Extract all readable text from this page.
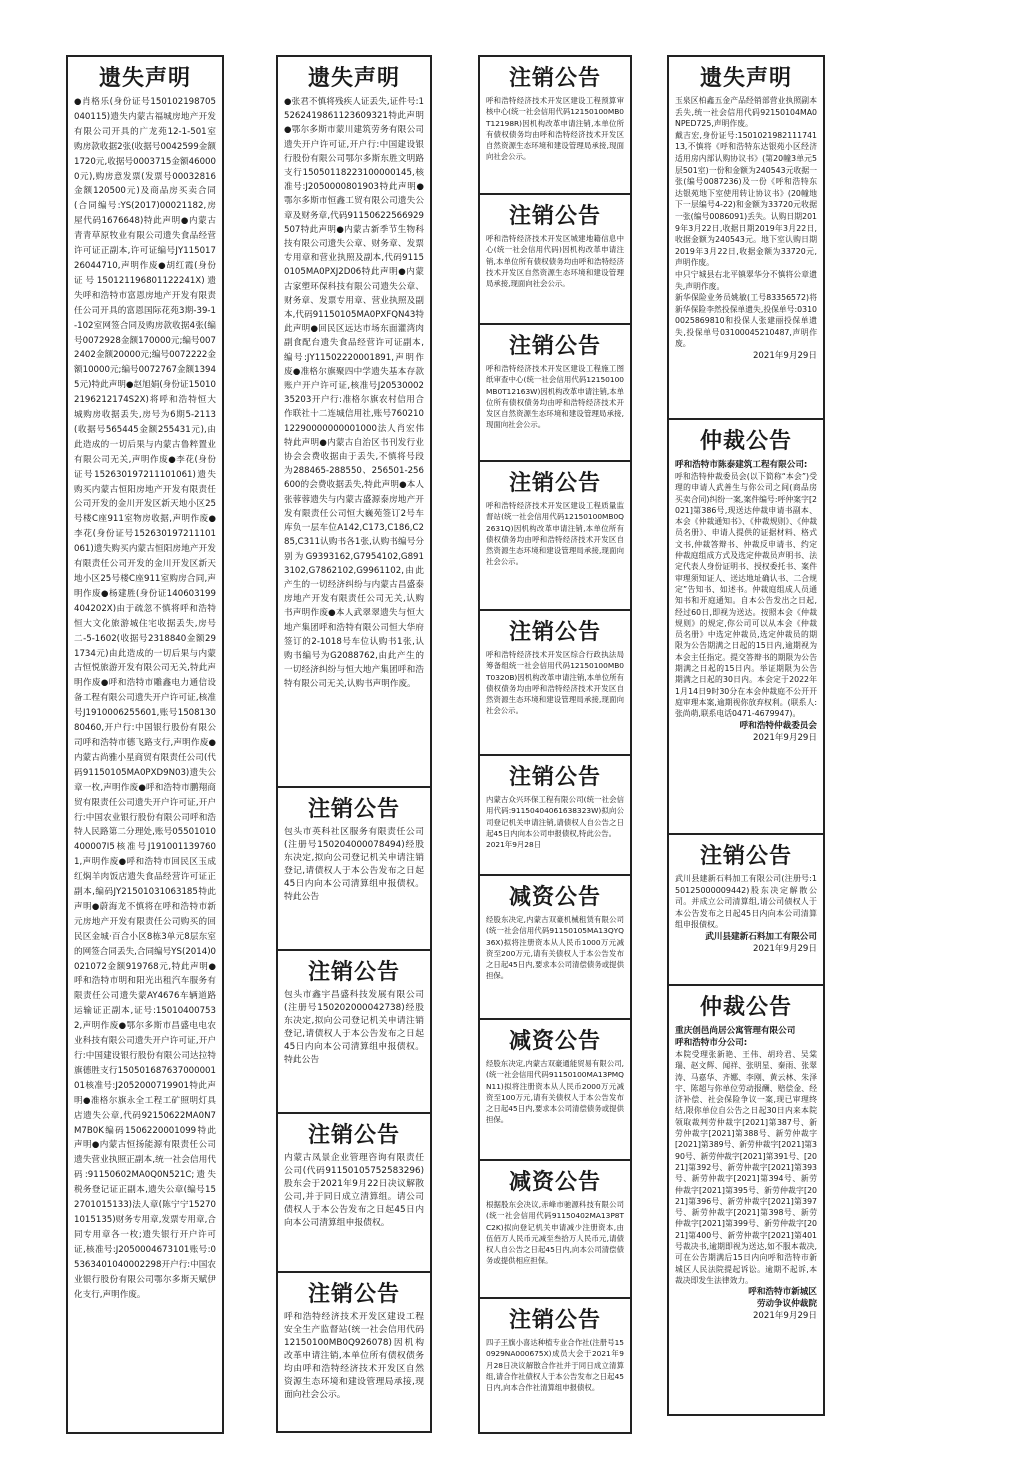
遗失声明
●肖格乐(身份证号150102198705040115)遗失内蒙古福城房地产开发有限公司开具的广龙苑12-1-501室购房款收据2张(收据号0042599金额1720元,收据号0003715金额460000元),购房意发票(发票号00032816金额120500元)及商品房买卖合同(合同编号:YS(2017)00021182,房屋代码1676648)特此声明●内蒙古青青草原牧业有限公司遗失食品经营许可证正副本,许可证编号JY11501726044710,声明作废●胡红霞(身份证号150121196801122241X)遗失呼和浩特市富恩房地产开发有限责任公司开具的富恩国际花苑3期-39-1-102室网签合同及购房款收据4张(编号0072928金额170000元;编号0072402金额20000元;编号0072222金额10000元;编号0072767金额13945元)特此声明●赵旭娟(身份证150102196212174S2X)将呼和浩特恒大城购房收据丢失,房号为6期5-2113(收据号565445金额255431元),由此造成的一切后果与内蒙古鲁粹置业有限公司无关,声明作废●李花(身份证号152630197211101061)遗失购买内蒙古恒阳房地产开发有限责任公司开发的金川开发区新天地小区25号楼C座911室物房收据,声明作废●李花(身份证号152630197211101061)遗失购买内蒙古恒阳房地产开发有限责任公司开发的金川开发区新天地小区25号楼C座911室购房合同,声明作废●杨建胜(身份证140603199404202X)由于疏忽不慎将呼和浩特恒大文化旅游城住宅收据丢失,房号二-5-1602(收据号2318840金额291734元)由此造成的一切后果与内蒙古恒悦旅游开发有限公司无关,特此声明作废●呼和浩特市雕鑫电力通信设备工程有限公司遗失开户许可证,核准号J1910006255601,账号150813080460,开户行:中国银行股份有限公司呼和浩特市德飞路支行,声明作废●内蒙古尚雅小星商贸有限责任公司(代码91150105MA0PXD9N03)遗失公章一枚,声明作废●呼和浩特市鹏翔商贸有限责任公司遗失开户许可证,开户行:中国农业银行股份有限公司呼和浩特人民路第二分理处,账号05501010400007I5核准号J1910011397601,声明作废●呼和浩特市回民区玉成红焖羊肉饭店遗失食品经营许可证正副本,编码JY21501031063185特此声明●蔚海龙不慎将在呼和浩特市新元房地产开发有限责任公司购买的回民区金城·百合小区8栋3单元8层东室的网签合同丢失,合同编号YS(2014)0021072金额919768元,特此声明●呼和浩特市明和阳光出租汽车服务有限责任公司遗失蒙AY4676车辆道路运输证正副本,证号:150104007532,声明作废●鄂尔多斯市昌盛电电农业科技有限公司遗失开户许可证,开户行:中国建设银行股份有限公司达拉特旗德胜支行15050168763700000101核准号:J2052000719901特此声明●准格尔旗永全工程工矿照明灯具店遗失公章,代码92150622MA0N7M7B0K编码1506220001099特此声明●内蒙古恒扬能源有限责任公司遗失营业执照正副本,统一社会信用代码:91150602MA0Q0N521C;遗失税务登记证正副本,遗失公章(编号152701015133)法人章(陈宁宁152701015135)财务专用章,发票专用章,合同专用章各一枚;遗失银行开户许可证,核准号:J2050004673101账号:05363401040002298开户行:中国农业银行股份有限公司鄂尔多斯天赋伊化支行,声明作废。
遗失声明
●张君不慎将残疾人证丢失,证件号:15262419861123609321特此声明●鄂尔多斯市蒙川建筑劳务有限公司遗失开户许可证,开户行:中国建设银行股份有限公司鄂尔多斯东胜文明路支行15050118223100000145,核准号:J2050000801903特此声明●鄂尔多斯市恒鑫工贸有限公司遗失公章及财务章,代码91150622566929507特此声明●内蒙古新季节生物科技有限公司遗失公章、财务章、发票专用章和营业执照及副本,代码91150105MA0PXJ2D06特此声明●内蒙古家塑环保科技有限公司遗失公章、财务章、发票专用章、营业执照及副本,代码91150105MA0PXFQN43特此声明●回民区远达市场东面灌湾肉副食配台遗失食品经营许可证副本,编号:JY11502220001891,声明作废●准格尔旗聚四中学遗失基本存款账户开户许可证,核准号J2053000235203开户行:准格尔旗农村信用合作联社十二连城信用社,账号76021012290000000001000法人肖宏伟特此声明●内蒙古自治区书刊发行业协会会费收据由于丢失,不慎将号段为288465-288550、256501-256600的会费收据丢失,特此声明●本人张蓉蓉遗失与内蒙古盛源泰房地产开发有限责任公司恒大巍苑签订2号车库负一层车位A142,C173,C186,C285,C311认购书各1张,认购书编号分别为G9393162,G7954102,G8913102,G7862102,G9961102,由此产生的一切经济纠纷与内蒙古昌盛泰房地产开发有限责任公司无关,认购书声明作废●本人武翠翠遗失与恒大地产集团呼和浩特有限公司恒大华府签订的2-1018号车位认购书1张,认购书编号为G2088762,由此产生的一切经济纠纷与恒大地产集团呼和浩特有限公司无关,认购书声明作废。
注销公告
包头市英科社区服务有限责任公司(注册号150204000078494)经股东决定,拟向公司登记机关申请注销登记,请债权人于本公告发布之日起45日内向本公司清算组申报债权。特此公告
注销公告
包头市鑫宇昌盛科技发展有限公司(注册号150202000042738)经股东决定,拟向公司登记机关申请注销登记,请债权人于本公告发布之日起45日内向本公司清算组申报债权。特此公告
注销公告
内蒙古凤景企业管理咨询有限责任公司(代码91150105752583296)股东会于2021年9月22日决议解散公司,并于同日成立清算组。请公司债权人于本公告发布之日起45日内向本公司清算组申报债权。
注销公告
呼和浩特经济技术开发区建设工程安全生产监督站(统一社会信用代码12150100MB0Q926078)因机构改革申请注销,本单位所有债权债务均由呼和浩特经济技术开发区自然资源生态环境和建设管理局承接,现面向社会公示。
注销公告
呼和浩特经济技术开发区建设工程预算审核中心(统一社会信用代码12150100MB0T12198R)因机构改革申请注销,本单位所有债权债务均由呼和浩特经济技术开发区自然资源生态环境和建设管理局承接,现面向社会公示。
注销公告
呼和浩特经济技术开发区城建地籍信息中心(统一社会信用代码)因机构改革申请注销,本单位所有债权债务均由呼和浩特经济技术开发区自然资源生态环境和建设管理局承接,现面向社会公示。
注销公告
呼和浩特经济技术开发区建设工程施工图纸审查中心(统一社会信用代码12150100MB0T12163W)因机构改革申请注销,本单位所有债权债务均由呼和浩特经济技术开发区自然资源生态环境和建设管理局承接,现面向社会公示。
注销公告
呼和浩特经济技术开发区建设工程质量监督站(统一社会信用代码12150100MB0Q2631Q)因机构改革申请注销,本单位所有债权债务均由呼和浩特经济技术开发区自然资源生态环境和建设管理局承接,现面向社会公示。
注销公告
呼和浩特经济技术开发区综合行政执法局筹备组统一社会信用代码12150100MB0T0320B)因机构改革申请注销,本单位所有债权债务均由呼和浩特经济技术开发区自然资源生态环境和建设管理局承接,现面向社会公示。
注销公告
内蒙古众兴环保工程有限公司(统一社会信用代码:91150404061638323W)拟向公司登记机关申请注销,请债权人自公告之日起45日内向本公司申报债权,特此公告。
2021年9月28日
减资公告
经股东决定,内蒙古双豪机械租赁有限公司(统一社会信用代码91150105MA13QYQ36X)拟将注册资本从人民币1000万元减资至200万元,请有关债权人于本公告发布之日起45日内,要求本公司清偿债务或提供担保。
减资公告
经股东决定,内蒙古双豪通能贸易有限公司,(统一社会信用代码91150100MA13PMQN11)拟将注册资本从人民币2000万元减资至100万元,请有关债权人于本公告发布之日起45日内,要求本公司清偿债务或提供担保。
减资公告
根据股东会决议,赤峰市驰源科技有限公司(统一社会信用代码91150402MA13P8TC2K)拟向登记机关申请减少注册资本,由伍佰万人民币元减至叁拾万人民币元,请债权人自公告之日起45日内,向本公司清偿债务或提供相应担保。
注销公告
四子王旗小喜达种植专业合作社(注册号150929NA000675X)成员大会于2021年9月28日决议解散合作社并于同日成立清算组,请合作社债权人于本公告发布之日起45日内,向本合作社清算组申报债权。
遗失声明
玉泉区柏鑫五金产品经销部营业执照副本丢失,统一社会信用代码92150104MA0NPED725,声明作废。
戴吉宏,身份证号:150102198211174113,不慎将《呼和浩特东达银苑小区经济适用房内部认购协议书》(第20幢3单元5层501室)一份和金额为240543元收据一张(编号0087236)及一份《呼和浩特东达银苑地下室使用转让协议书》(20幢地下一层编号4-22)和金额为33720元收据一张(编号0086091)丢失。认购日期2019年3月22日,收据日期2019年3月22日,收据金额为240543元。地下室认购日期2019年3月22日,收据金额为33720元,声明作废。
中只宁城县右北平镇翠华分不慎将公章遗失,声明作废。
新华保险业务员姚敏(工号83356572)将新华保险李然投保单遗失,投保单号:03100025869810和投保人张建丽投保单遗失,投保单号03100045210487,声明作废。
2021年9月29日
仲裁公告
呼和浩特市陈泰建筑工程有限公司:
呼和浩特仲裁委员会(以下简称“本会”)受理的申请人武善生与你公司之间(商品房买卖合同)纠纷一案,案件编号:呼仲案字[2021]第386号,现送达仲裁申请书副本、本会《仲裁通知书》、《仲裁规则》、《仲裁员名册》、申请人提供的证据材料、格式文书,仲裁答辩书、仲裁反申请书、约定仲裁庭组成方式及选定仲裁员声明书、法定代表人身份证明书、授权委托书、案件审理须知证人、送达地址确认书、二合规定”告知书、如述书。仲裁庭组成人员通知书和开庭通知。自本公告发出之日起,经过60日,即视为送达。按照本会《仲裁规则》的规定,你公司可以从本会《仲裁员名册》中选定仲裁员,选定仲裁员的期限为公告期满之日起的15日内,逾期视为本会主任指定。提交答辩书的期限为公告期满之日起的15日内。举证期限为公告期满之日起的30日内。本会定于2022年1月14日9时30分在本会仲裁庭不公开开庭审理本案,逾期视你放弃权利。(联系人:张尚萌,联系电话0471-4679947)。
呼和浩特仲裁委员会
2021年9月29日
注销公告
武川县建新石料加工有限公司(注册号:150125000009442)股东决定解散公司。并成立公司清算组,请公司债权人于本公告发布之日起45日内向本公司清算组申报债权。
武川县建新石料加工有限公司
2021年9月29日
仲裁公告
重庆创邑尚居公寓管理有限公司
呼和浩特市分公司:
本院受理张新艳、王伟、胡玲君、吴棠瑞、赵文辉、闻祥、张明星、秦雨、张翠涛、马嘉华、齐娜、李刚、黄云林、朱泽宇、陈超与你单位劳动报酬、赔偿金、经济补偿、社会保险争议一案,现已审理终结,限你单位自公告之日起30日内来本院领取裁判劳仲裁字[2021]第387号、新劳仲裁字[2021]第388号、新劳仲裁字[2021]第389号、新劳仲裁字[2021]第390号、新劳仲裁字[2021]第391号、[2021]第392号、新劳仲裁字[2021]第393号、新劳仲裁字[2021]第394号、新劳仲裁字[2021]第395号、新劳仲裁字[2021]第396号、新劳仲裁字[2021]第397号、新劳仲裁字[2021]第398号、新劳仲裁字[2021]第399号、新劳仲裁字[2021]第400号、新劳仲裁字[2021]第401号裁决书,逾期即视为送达,如不服本裁决,可在公告期满后15日内向呼和浩特市新城区人民法院提起诉讼。逾期不起诉,本裁决即发生法律效力。
呼和浩特市新城区
劳动争议仲裁院
2021年9月29日
